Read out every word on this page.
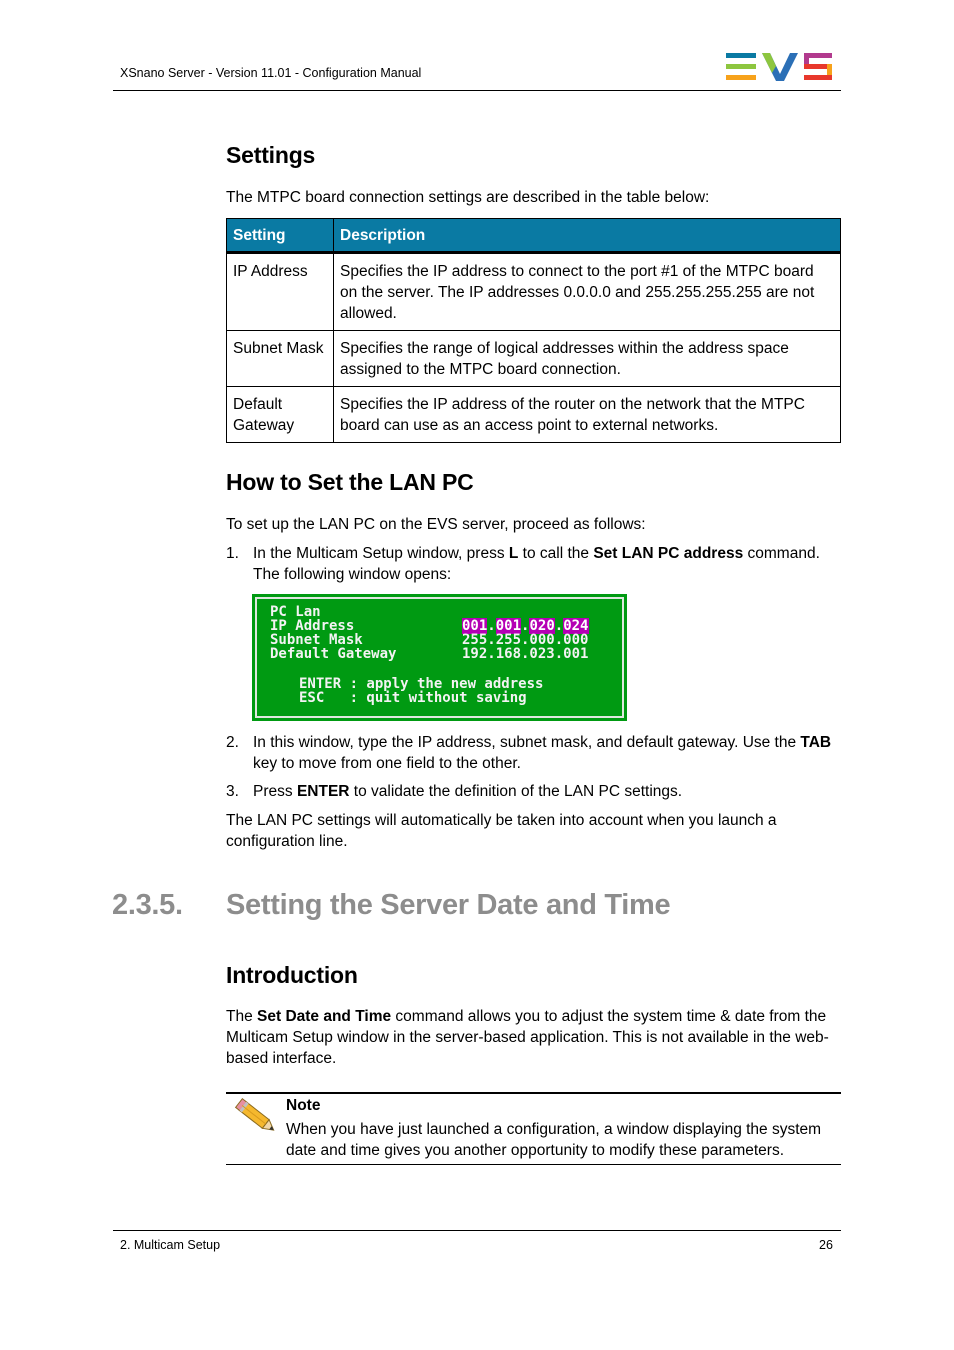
XSnano Server - Version 11.01 - Configuration Manual
Settings
The MTPC board connection settings are described in the table below:
Setting	Description
IP Address	Specifies the IP address to connect to the port #1 of the MTPC board on the server. The IP addresses 0.0.0.0 and 255.255.255.255 are not allowed.
Subnet Mask	Specifies the range of logical addresses within the address space assigned to the MTPC board connection.
Default Gateway	Specifies the IP address of the router on the network that the MTPC board can use as an access point to external networks.
How to Set the LAN PC
To set up the LAN PC on the EVS server, proceed as follows:
1. In the Multicam Setup window, press L to call the Set LAN PC address command. The following window opens:
PC Lan
IP Address	001.001.020.024
Subnet Mask	255.255.000.000
Default Gateway	192.168.023.001
ENTER : apply the new address
ESC   : quit without saving
2. In this window, type the IP address, subnet mask, and default gateway. Use the TAB key to move from one field to the other.
3. Press ENTER to validate the definition of the LAN PC settings.
The LAN PC settings will automatically be taken into account when you launch a configuration line.
2.3.5. Setting the Server Date and Time
Introduction
The Set Date and Time command allows you to adjust the system time & date from the Multicam Setup window in the server-based application. This is not available in the web-based interface.
Note
When you have just launched a configuration, a window displaying the system date and time gives you another opportunity to modify these parameters.
2. Multicam Setup	26
